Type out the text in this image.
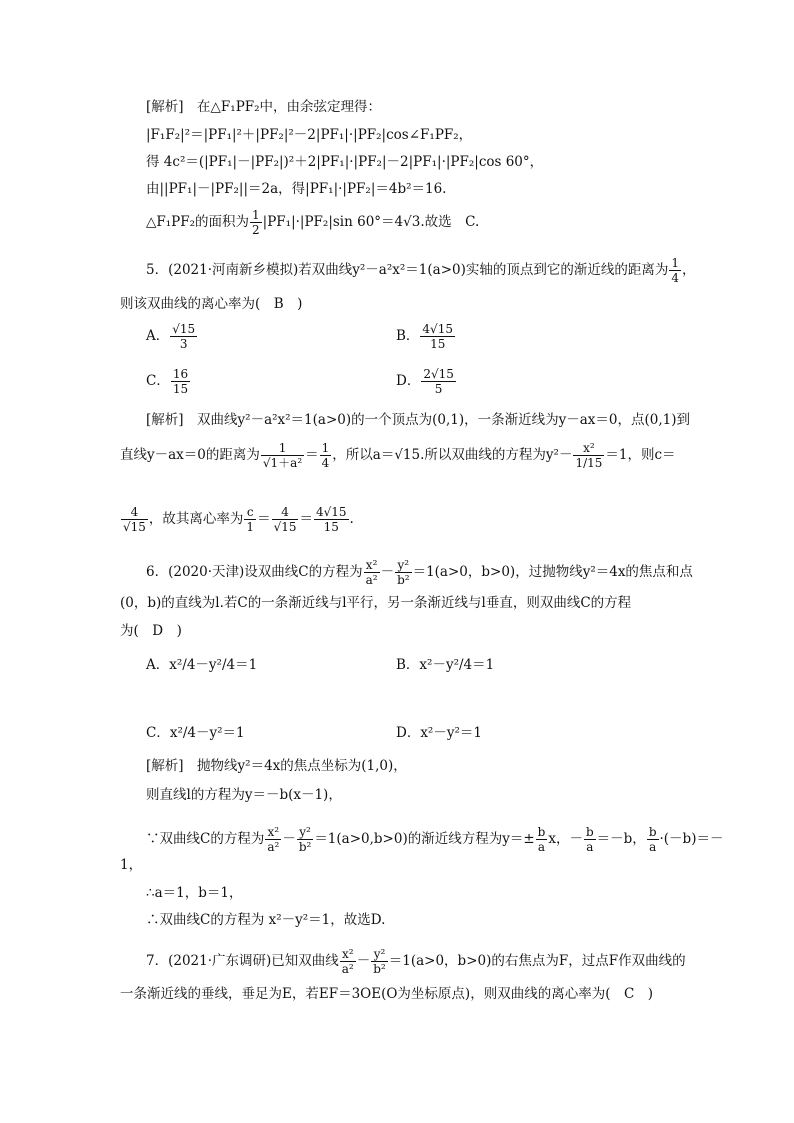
[解析]　在△F₁PF₂中，由余弦定理得：
|F₁F₂|²＝|PF₁|²＋|PF₂|²－2|PF₁|·|PF₂|cos∠F₁PF₂，
得 4c²＝(|PF₁|－|PF₂|)²＋2|PF₁|·|PF₂|－2|PF₁|·|PF₂|cos 60°，
由||PF₁|－|PF₂||＝2a，得|PF₁|·|PF₂|＝4b²＝16.
△F₁PF₂的面积为 $\frac{1}{2} |PF_1|\cdot|PF_2|\sin$ 60°＝4√3.故选　C.
5．(2021·河南新乡模拟)若双曲线y²－a²x²＝1(a>0)实轴的顶点到它的渐近线的距离为 $\frac{1}{4}$ ，
则该双曲线的离心率为(　B　)
A． $\frac{√15}{3}$	B． $\frac{4√15}{15}$
C． $\frac{16}{15}$	D． $\frac{2√15}{5}$
[解析]　双曲线y²－a²x²＝1(a>0)的一个顶点为(0,1)，一条渐近线为y－ax＝0，点(0,1)到
直线y－ax＝0的距离为 $\frac{1}{\text{√1＋a²}} = \frac{1}{4}$ ，所以a＝√15.所以双曲线的方程为$y^2- \frac{\text{x²}}{1/15} =1$，则c＝
$\frac{4}{√15}$ ，故其离心率为 $\frac{c}{1} = \frac{4}{√15} = \frac{4√15}{15}$ .
6．(2020·天津)设双曲线C的方程为 $\frac{\text{x²}}{\text{a²}} - \frac{\text{y²}}{\text{b²}} =1(a>0$，b>0)，过抛物线y²＝4x的焦点和点
(0，b)的直线为l.若C的一条渐近线与l平行，另一条渐近线与l垂直，则双曲线C的方程
为(　D　)
A．x²/4－y²/4＝1	B．x²－y²/4＝1
C．x²/4－y²＝1	D．x²－y²＝1
[解析]　抛物线y²＝4x的焦点坐标为(1,0)，
则直线l的方程为y＝－b(x－1)，
∵双曲线C的方程为 $\frac{\text{x²}}{\text{a²}} - \frac{\text{y²}}{\text{b²}} =1(a>0,b>0)$的渐近线方程为$y=\pm \frac{b}{a}$ x，－ $\frac{b}{a} =-b$， $\frac{b}{a} \cdot(-b)=-$
1，
∴a＝1，b＝1，
∴双曲线C的方程为 x²－y²＝1，故选D.
7．(2021·广东调研)已知双曲线 $\frac{\text{x²}}{\text{a²}} - \frac{\text{y²}}{\text{b²}} =1(a>0$，b>0)的右焦点为F，过点F作双曲线的
一条渐近线的垂线，垂足为E，若EF＝3OE(O为坐标原点)，则双曲线的离心率为(　C　)
